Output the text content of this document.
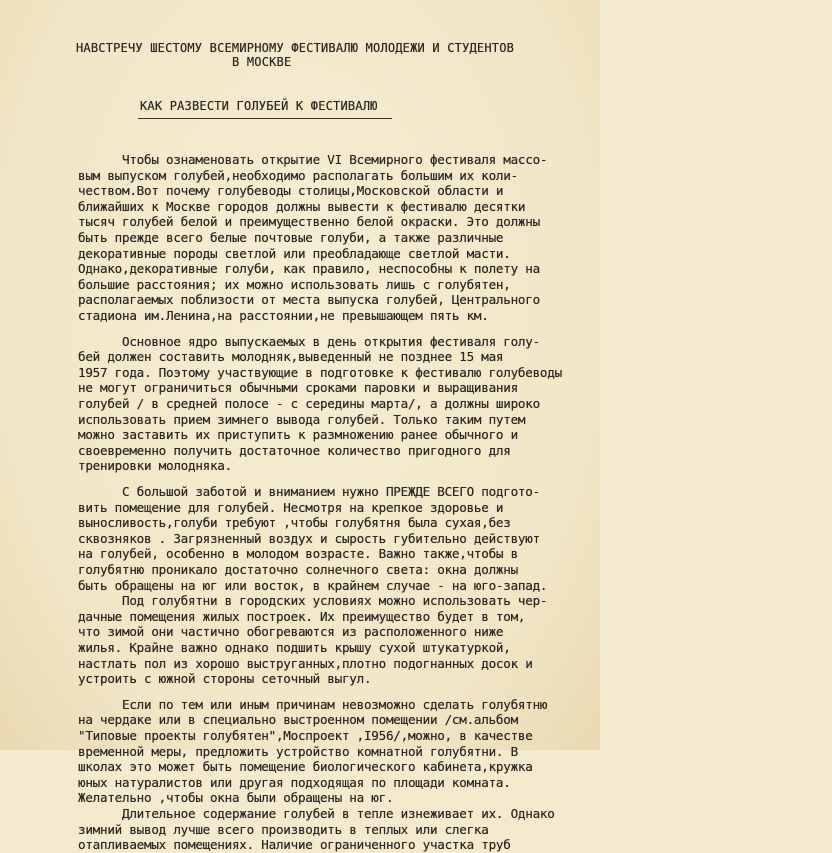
НАВСТРЕЧУ ШЕСТОМУ ВСЕМИРНОМУ ФЕСТИВАЛЮ МОЛОДЕЖИ И СТУДЕНТОВ
В МОСКВЕ
КАК РАЗВЕСТИ ГОЛУБЕЙ К ФЕСТИВАЛЮ
Чтобы ознаменовать открытие VI Всемирного фестиваля массо-
вым выпуском голубей,необходимо располагать большим их коли-
чеством.Вот почему голубеводы столицы,Московской области и
ближайших к Москве городов должны вывести к фестивалю десятки
тысяч голубей белой и преимущественно белой окраски. Это должны
быть прежде всего белые почтовые голуби, а также различные
декоративные породы светлой или преобладающе светлой масти.
Однако,декоративные голуби, как правило, неспособны к полету на
большие расстояния; их можно использовать лишь с голубятен,
располагаемых поблизости от места выпуска голубей, Центрального
стадиона им.Ленина,на расстоянии,не превышающем пять км.
Основное ядро выпускаемых в день открытия фестиваля голу-
бей должен составить молодняк,выведенный не позднее 15 мая
1957 года. Поэтому участвующие в подготовке к фестивалю голубеводы
не могут ограничиться обычными сроками паровки и выращивания
голубей / в средней полосе - с середины марта/, а должны широко
использовать прием зимнего вывода голубей. Только таким путем
можно заставить их приступить к размножению ранее обычного и
своевременно получить достаточное количество пригодного для
тренировки молодняка.
С большой заботой и вниманием нужно ПРЕЖДЕ ВСЕГО подгото-
вить помещение для голубей. Несмотря на крепкое здоровье и
выносливость,голуби требуют ,чтобы голубятня была сухая,без
сквозняков . Загрязненный воздух и сырость губительно действуют
на голубей, особенно в молодом возрасте. Важно также,чтобы в
голубятню проникало достаточно солнечного света: окна должны
быть обращены на юг или восток, в крайнем случае - на юго-запад.
Под голубятни в городских условиях можно использовать чер-
дачные помещения жилых построек. Их преимущество будет в том,
что зимой они частично обогреваются из расположенного ниже
жилья. Крайне важно однако подшить крышу сухой штукатуркой,
настлать пол из хорошо выструганных,плотно подогнанных досок и
устроить с южной стороны сеточный выгул.
Если по тем или иным причинам невозможно сделать голубятню
на чердаке или в специально выстроенном помещении /см.альбом
"Типовые проекты голубятен",Моспроект ,I956/,можно, в качестве
временной меры, предложить устройство комнатной голубятни. В
школах это может быть помещение биологического кабинета,кружка
юных натуралистов или другая подходящая по площади комната.
Желательно ,чтобы окна были обращены на юг.
Длительное содержание голубей в тепле изнеживает их. Однако
зимний вывод лучше всего производить в теплых или слегка
отапливаемых помещениях. Наличие ограниченного участка труб
